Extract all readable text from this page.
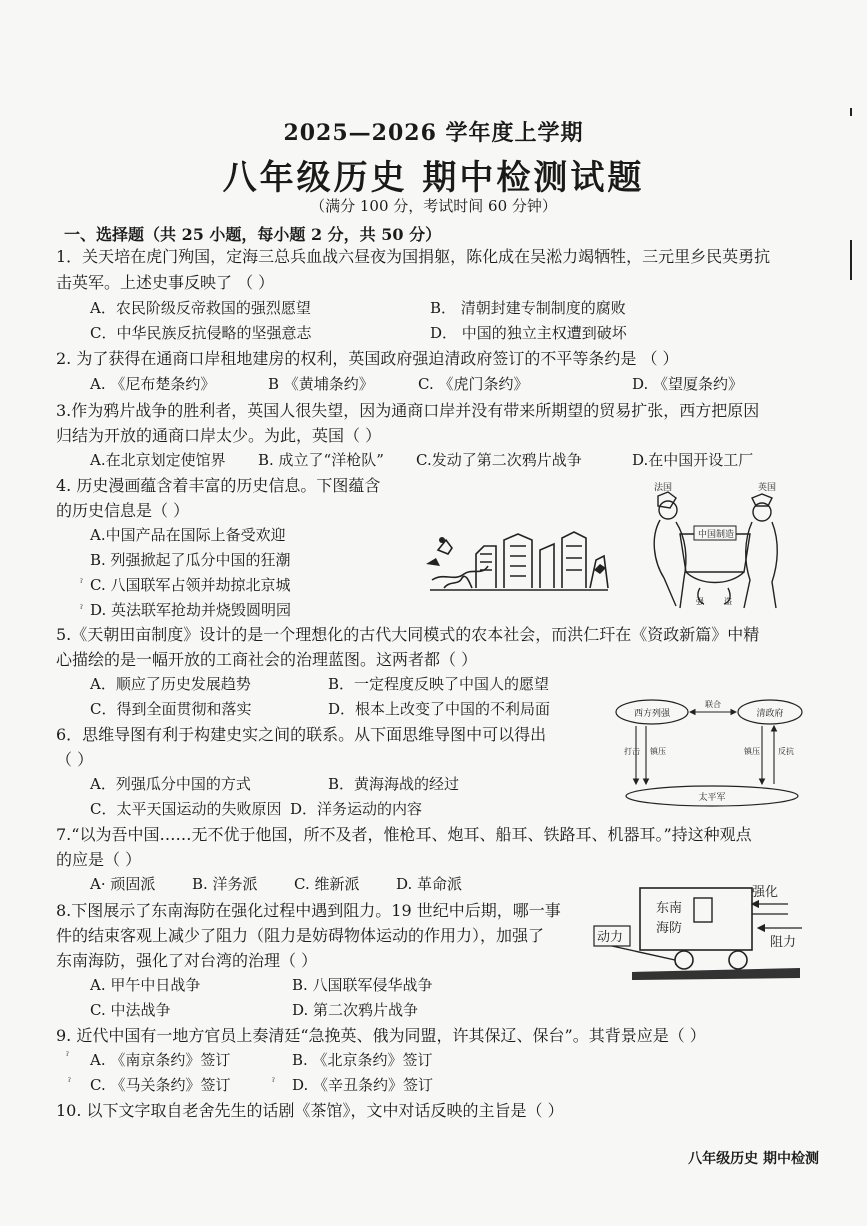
2025—2026 学年度上学期
八年级历史 期中检测试题
（满分 100 分，考试时间 60 分钟）
一、选择题（共 25 小题，每小题 2 分，共 50 分）
1．关天培在虎门殉国，定海三总兵血战六昼夜为国捐躯，陈化成在吴淞力竭牺牲，三元里乡民英勇抗
击英军。上述史事反映了 （ ）
A．农民阶级反帝救国的强烈愿望	B． 清朝封建专制制度的腐败
C．中华民族反抗侵略的坚强意志	D． 中国的独立主权遭到破坏
2. 为了获得在通商口岸租地建房的权利，英国政府强迫清政府签订的不平等条约是 （ ）
A. 《尼布楚条约》	B 《黄埔条约》	C. 《虎门条约》	D. 《望厦条约》
3.作为鸦片战争的胜利者，英国人很失望，因为通商口岸并没有带来所期望的贸易扩张，西方把原因
归结为开放的通商口岸太少。为此，英国（ ）
A.在北京划定使馆界 B. 成立了“洋枪队” C.发动了第二次鸦片战争	D.在中国开设工厂
4. 历史漫画蕴含着丰富的历史信息。下图蕴含
的历史信息是（ ）
A.中国产品在国际上备受欢迎
B. 列强掀起了瓜分中国的狂潮
C. 八国联军占领并劫掠北京城
D. 英法联军抢劫并烧毁圆明园
ˀ
ˀ
法国	英国
中国制造
强	盗
5.《天朝田亩制度》设计的是一个理想化的古代大同模式的农本社会，而洪仁玕在《资政新篇》中精
心描绘的是一幅开放的工商社会的治理蓝图。这两者都（ ）
A．顺应了历史发展趋势	B．一定程度反映了中国人的愿望
C．得到全面贯彻和落实	D．根本上改变了中国的不利局面
6．思维导图有利于构建史实之间的联系。从下面思维导图中可以得出
（ ）
A．列强瓜分中国的方式	B．黄海海战的经过
C．太平天国运动的失败原因 D．洋务运动的内容
西方列强	清政府
联合
太平军
打击 镇压	镇压 反抗
7.“以为吾中国……无不优于他国，所不及者，惟枪耳、炮耳、船耳、铁路耳、机器耳。”持这种观点
的应是（ ）
A· 顽固派 B. 洋务派 C. 维新派 D. 革命派
8.下图展示了东南海防在强化过程中遇到阻力。19 世纪中后期，哪一事
件的结束客观上减少了阻力（阻力是妨碍物体运动的作用力），加强了
东南海防，强化了对台湾的治理（ ）
A. 甲午中日战争	B. 八国联军侵华战争
C. 中法战争	D. 第二次鸦片战争
东南
海防
强化
阻力
动力
9. 近代中国有一地方官员上奏清廷“急挽英、俄为同盟，许其保辽、保台”。其背景应是（ ）
A. 《南京条约》签订	B. 《北京条约》签订
C. 《马关条约》签订	D. 《辛丑条约》签订
ˀ
ˀ	ˀ
10. 以下文字取自老舍先生的话剧《茶馆》，文中对话反映的主旨是（ ）
八年级历史 期中检测
